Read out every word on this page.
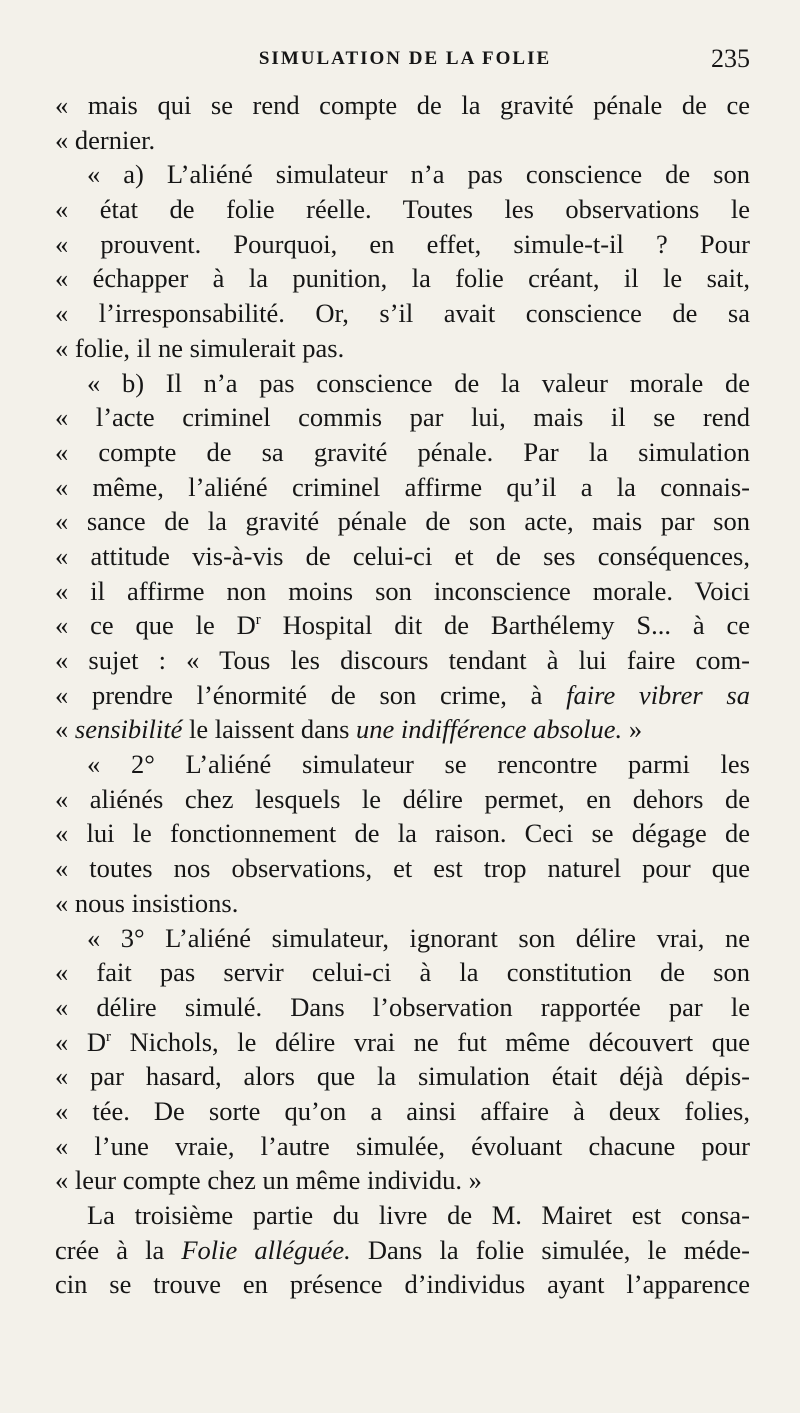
SIMULATION DE LA FOLIE	235
« mais qui se rend compte de la gravité pénale de ce
« dernier.
« a) L’aliéné simulateur n’a pas conscience de son
« état de folie réelle. Toutes les observations le
« prouvent. Pourquoi, en effet, simule-t-il ? Pour
« échapper à la punition, la folie créant, il le sait,
« l’irresponsabilité. Or, s’il avait conscience de sa
« folie, il ne simulerait pas.
« b) Il n’a pas conscience de la valeur morale de
« l’acte criminel commis par lui, mais il se rend
« compte de sa gravité pénale. Par la simulation
« même, l’aliéné criminel affirme qu’il a la connais-
« sance de la gravité pénale de son acte, mais par son
« attitude vis-à-vis de celui-ci et de ses conséquences,
« il affirme non moins son inconscience morale. Voici
« ce que le $D^r$ Hospital dit de Barthélemy S... à ce
« sujet : « Tous les discours tendant à lui faire com-
« prendre l’énormité de son crime, à faire vibrer sa
« sensibilité le laissent dans une indifférence absolue. »
« 2° L’aliéné simulateur se rencontre parmi les
« aliénés chez lesquels le délire permet, en dehors de
« lui le fonctionnement de la raison. Ceci se dégage de
« toutes nos observations, et est trop naturel pour que
« nous insistions.
« 3° L’aliéné simulateur, ignorant son délire vrai, ne
« fait pas servir celui-ci à la constitution de son
« délire simulé. Dans l’observation rapportée par le
« $D^r$ Nichols, le délire vrai ne fut même découvert que
« par hasard, alors que la simulation était déjà dépis-
« tée. De sorte qu’on a ainsi affaire à deux folies,
« l’une vraie, l’autre simulée, évoluant chacune pour
« leur compte chez un même individu. »
La troisième partie du livre de M. Mairet est consa-
crée à la Folie alléguée. Dans la folie simulée, le méde-
cin se trouve en présence d’individus ayant l’apparence
